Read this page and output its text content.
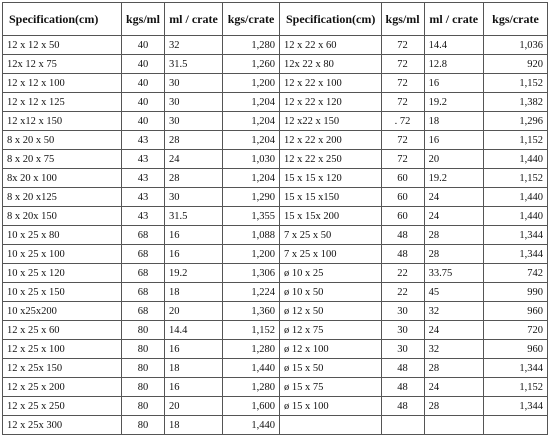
Specification(cm)	kgs/ml	ml / crate	kgs/crate
12 x 12 x 50	40	32	1,280
12x 12 x 75	40	31.5	1,260
12 x 12 x 100	40	30	1,200
12 x 12 x 125	40	30	1,204
12 x12 x 150	40	30	1,204
8 x 20 x 50	43	28	1,204
8 x 20 x 75	43	24	1,030
8x 20 x 100	43	28	1,204
8 x 20 x125	43	30	1,290
8 x 20x 150	43	31.5	1,355
10 x 25 x 80	68	16	1,088
10 x 25 x 100	68	16	1,200
10 x 25 x 120	68	19.2	1,306
10 x 25 x 150	68	18	1,224
10 x25x200	68	20	1,360
12 x 25 x 60	80	14.4	1,152
12 x 25 x 100	80	16	1,280
12 x 25x 150	80	18	1,440
12 x 25 x 200	80	16	1,280
12 x 25 x 250	80	20	1,600
12 x 25x 300	80	18	1,440
Specification(cm)	kgs/ml	ml / crate	kgs/crate
12 x 22 x 60	72	14.4	1,036
12x 22 x 80	72	12.8	920
12 x 22 x 100	72	16	1,152
12 x 22 x 120	72	19.2	1,382
12 x22 x 150	. 72	18	1,296
12 x 22 x 200	72	16	1,152
12 x 22 x 250	72	20	1,440
15 x 15 x 120	60	19.2	1,152
15 x 15 x150	60	24	1,440
15 x 15x 200	60	24	1,440
7 x 25 x 50	48	28	1,344
7 x 25 x 100	48	28	1,344
ø 10 x 25	22	33.75	742
ø 10 x 50	22	45	990
ø 12 x 50	30	32	960
ø 12 x 75	30	24	720
ø 12 x 100	30	32	960
ø 15 x 50	48	28	1,344
ø 15 x 75	48	24	1,152
ø 15 x 100	48	28	1,344
